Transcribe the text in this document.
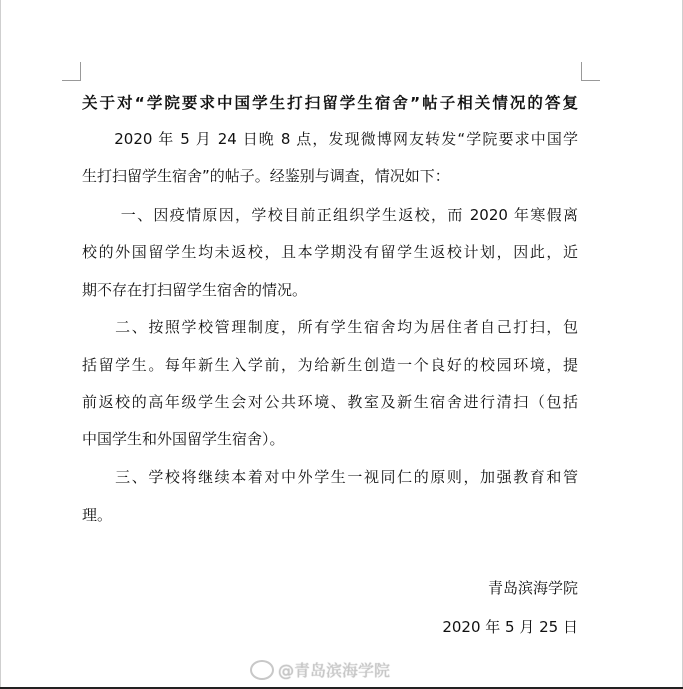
关于对“学院要求中国学生打扫留学生宿舍”帖子相关情况的答复
　　2020 年 5 月 24 日晚 8 点，发现微博网友转发“学院要求中国学
生打扫留学生宿舍”的帖子。经鉴别与调查，情况如下：
　　 一、因疫情原因，学校目前正组织学生返校，而 2020 年寒假离
校的外国留学生均未返校，且本学期没有留学生返校计划，因此，近
期不存在打扫留学生宿舍的情况。
　　二、按照学校管理制度，所有学生宿舍均为居住者自己打扫，包
括留学生。每年新生入学前，为给新生创造一个良好的校园环境，提
前返校的高年级学生会对公共环境、教室及新生宿舍进行清扫（包括
中国学生和外国留学生宿舍）。
　　三、学校将继续本着对中外学生一视同仁的原则，加强教育和管
理。
青岛滨海学院
2020 年 5 月 25 日
@青岛滨海学院
